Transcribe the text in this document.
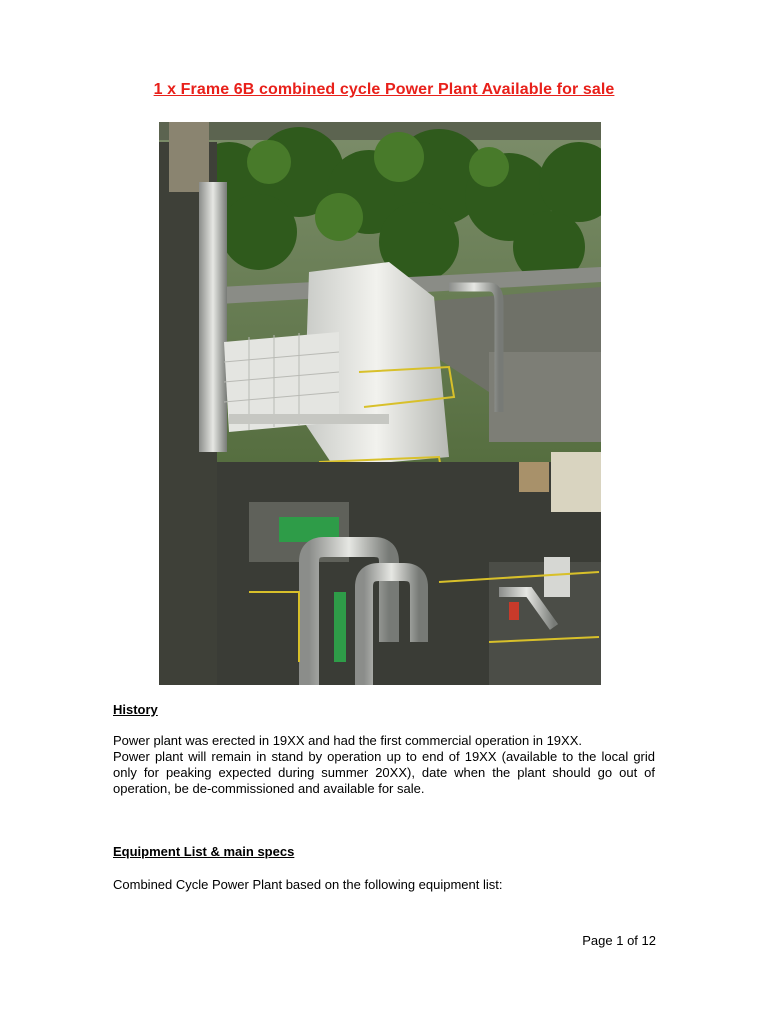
1 x Frame 6B combined cycle Power Plant Available for sale
History

Power plant was erected in 19XX and had the first commercial operation in 19XX.

Power plant will remain in stand by operation up to end of 19XX (available to the local grid only for peaking expected during summer 20XX), date when the plant should go out of operation, be de-commissioned and available for sale.

Equipment List & main specs

Combined Cycle Power Plant based on the following equipment list:

Page 1 of 12
